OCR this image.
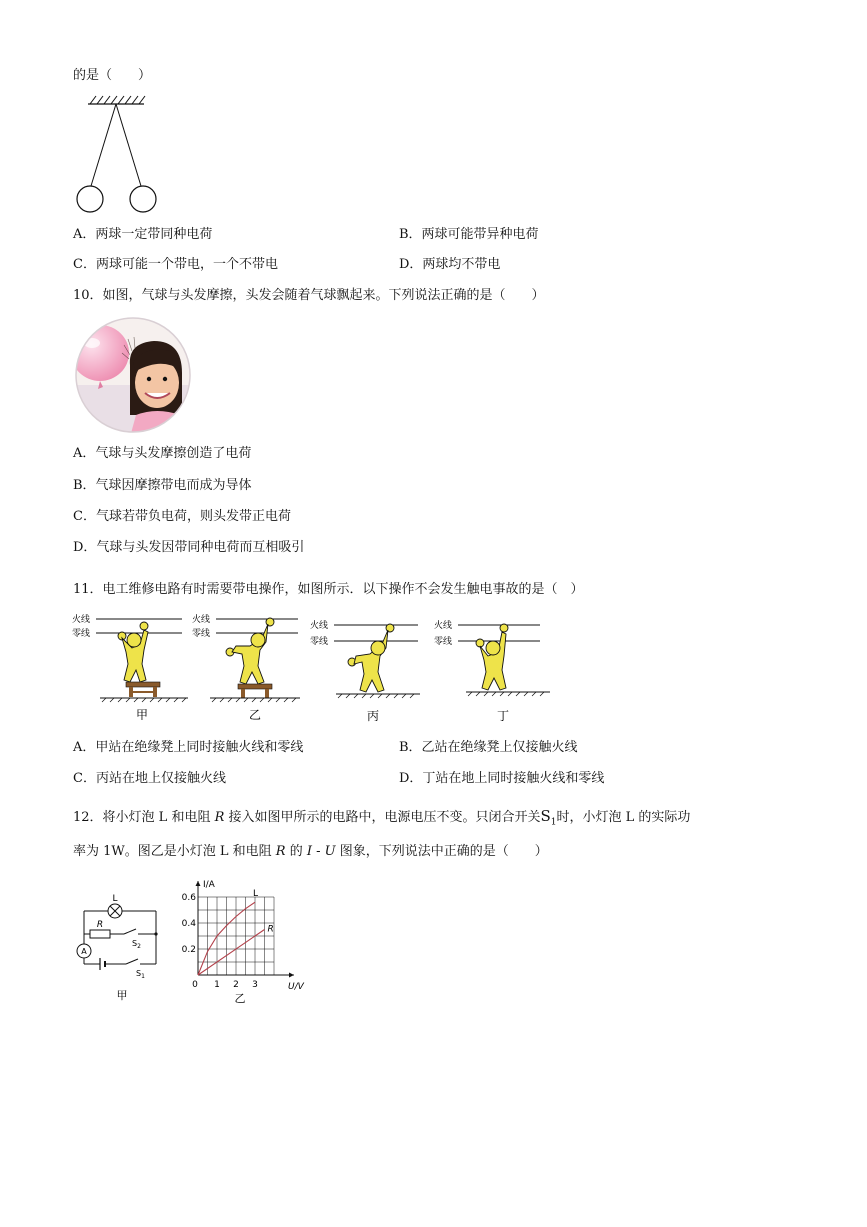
的是（　　）
A．两球一定带同种电荷	B．两球可能带异种电荷
C．两球可能一个带电，一个不带电	D．两球均不带电
10．如图，气球与头发摩擦，头发会随着气球飘起来。下列说法正确的是（　　）
A．气球与头发摩擦创造了电荷
B．气球因摩擦带电而成为导体
C．气球若带负电荷，则头发带正电荷
D．气球与头发因带同种电荷而互相吸引
11．电工维修电路有时需要带电操作，如图所示．以下操作不会发生触电事故的是（　）
火线
零线
甲
火线
零线
乙
火线
零线
丙
火线
零线
丁
A．甲站在绝缘凳上同时接触火线和零线	B．乙站在绝缘凳上仅接触火线
C．丙站在地上仅接触火线	D．丁站在地上同时接触火线和零线
12．将小灯泡 L 和电阻 R 接入如图甲所示的电路中，电源电压不变。只闭合开关$S_1$时，小灯泡 L 的实际功
率为 1W。图乙是小灯泡 L 和电阻 R 的 I - U 图象，下列说法中正确的是（　　）
L
R
A
$S_2$
$S_1$
甲
0 1 2 3
0.2
0.4
0.6	L
R
I/A
U/V
乙
